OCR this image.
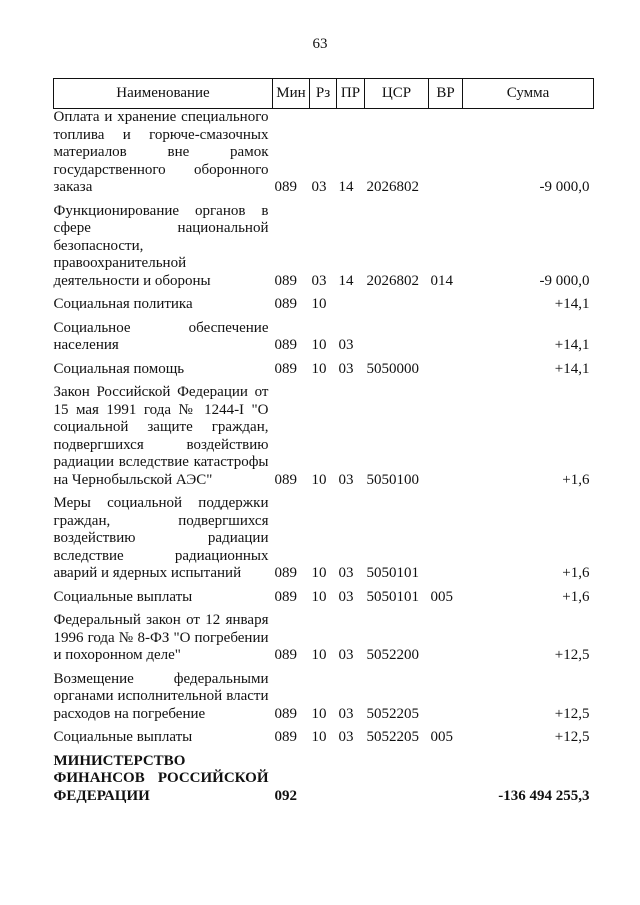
63
Наименование	Мин	Рз	ПР	ЦСР	ВР	Сумма
Оплата и хранение специального топлива и горюче-смазочных материалов вне рамок государственного оборонного заказа	089	03	14	2026802		-9 000,0
Функционирование органов в сфере национальной безопасности, правоохранительной деятельности и обороны	089	03	14	2026802	014	-9 000,0
Социальная политика	089	10				+14,1
Социальное обеспечение населения	089	10	03			+14,1
Социальная помощь	089	10	03	5050000		+14,1
Закон Российской Федерации от 15 мая 1991 года № 1244-I "О социальной защите граждан, подвергшихся воздействию радиации вследствие катастрофы на Чернобыльской АЭС"	089	10	03	5050100		+1,6
Меры социальной поддержки граждан, подвергшихся воздействию радиации вследствие радиационных аварий и ядерных испытаний	089	10	03	5050101		+1,6
Социальные выплаты	089	10	03	5050101	005	+1,6
Федеральный закон от 12 января 1996 года № 8-ФЗ "О погребении и похоронном деле"	089	10	03	5052200		+12,5
Возмещение федеральными органами исполнительной власти расходов на погребение	089	10	03	5052205		+12,5
Социальные выплаты	089	10	03	5052205	005	+12,5
МИНИСТЕРСТВО ФИНАНСОВ РОССИЙСКОЙ ФЕДЕРАЦИИ	092					-136 494 255,3
